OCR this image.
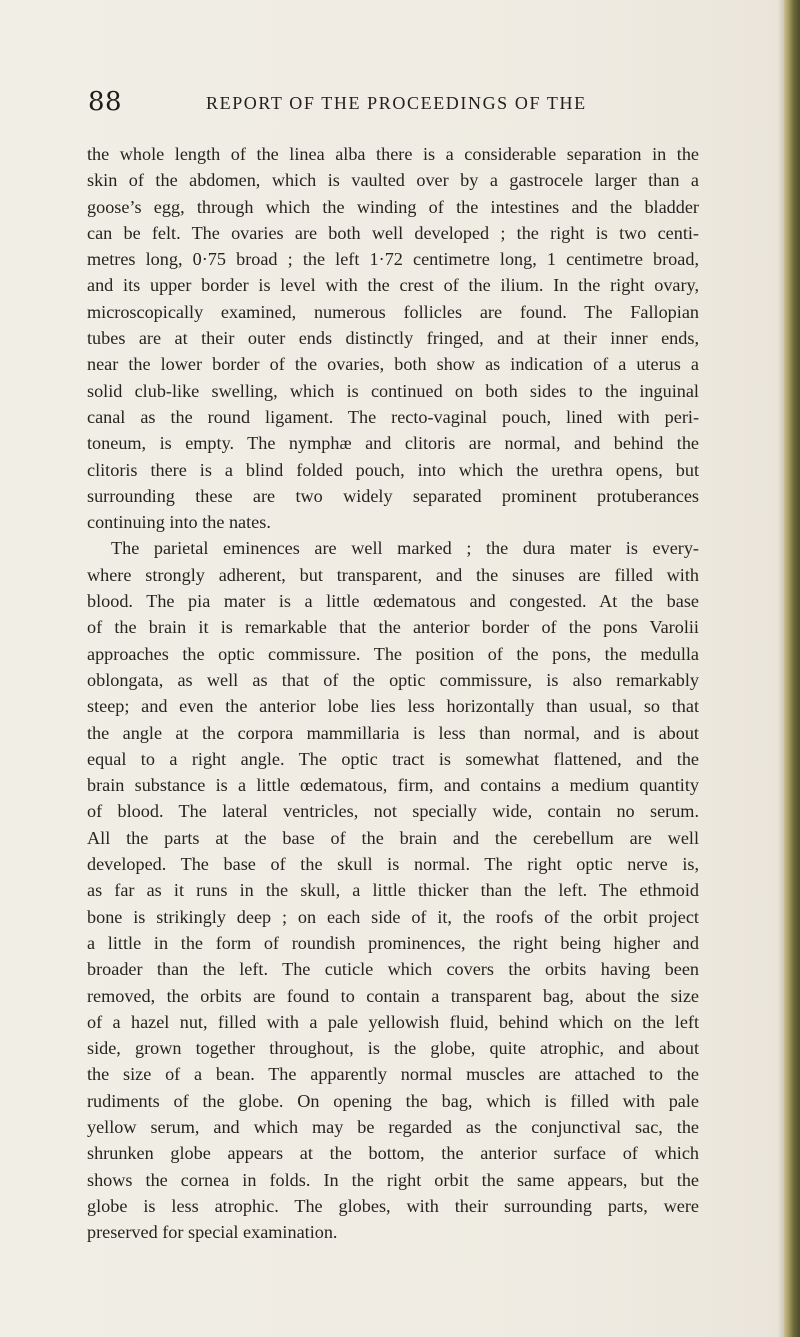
88	REPORT OF THE PROCEEDINGS OF THE
the whole length of the linea alba there is a considerable separation in the
skin of the abdomen, which is vaulted over by a gastrocele larger than a
goose’s egg, through which the winding of the intestines and the bladder
can be felt. The ovaries are both well developed ; the right is two centi-
metres long, 0·75 broad ; the left 1·72 centimetre long, 1 centimetre broad,
and its upper border is level with the crest of the ilium. In the right ovary,
microscopically examined, numerous follicles are found. The Fallopian
tubes are at their outer ends distinctly fringed, and at their inner ends,
near the lower border of the ovaries, both show as indication of a uterus a
solid club-like swelling, which is continued on both sides to the inguinal
canal as the round ligament. The recto-vaginal pouch, lined with peri-
toneum, is empty. The nymphæ and clitoris are normal, and behind the
clitoris there is a blind folded pouch, into which the urethra opens, but
surrounding these are two widely separated prominent protuberances
continuing into the nates.
The parietal eminences are well marked ; the dura mater is every-
where strongly adherent, but transparent, and the sinuses are filled with
blood. The pia mater is a little œdematous and congested. At the base
of the brain it is remarkable that the anterior border of the pons Varolii
approaches the optic commissure. The position of the pons, the medulla
oblongata, as well as that of the optic commissure, is also remarkably
steep; and even the anterior lobe lies less horizontally than usual, so that
the angle at the corpora mammillaria is less than normal, and is about
equal to a right angle. The optic tract is somewhat flattened, and the
brain substance is a little œdematous, firm, and contains a medium quantity
of blood. The lateral ventricles, not specially wide, contain no serum.
All the parts at the base of the brain and the cerebellum are well
developed. The base of the skull is normal. The right optic nerve is,
as far as it runs in the skull, a little thicker than the left. The ethmoid
bone is strikingly deep ; on each side of it, the roofs of the orbit project
a little in the form of roundish prominences, the right being higher and
broader than the left. The cuticle which covers the orbits having been
removed, the orbits are found to contain a transparent bag, about the size
of a hazel nut, filled with a pale yellowish fluid, behind which on the left
side, grown together throughout, is the globe, quite atrophic, and about
the size of a bean. The apparently normal muscles are attached to the
rudiments of the globe. On opening the bag, which is filled with pale
yellow serum, and which may be regarded as the conjunctival sac, the
shrunken globe appears at the bottom, the anterior surface of which
shows the cornea in folds. In the right orbit the same appears, but the
globe is less atrophic. The globes, with their surrounding parts, were
preserved for special examination.
